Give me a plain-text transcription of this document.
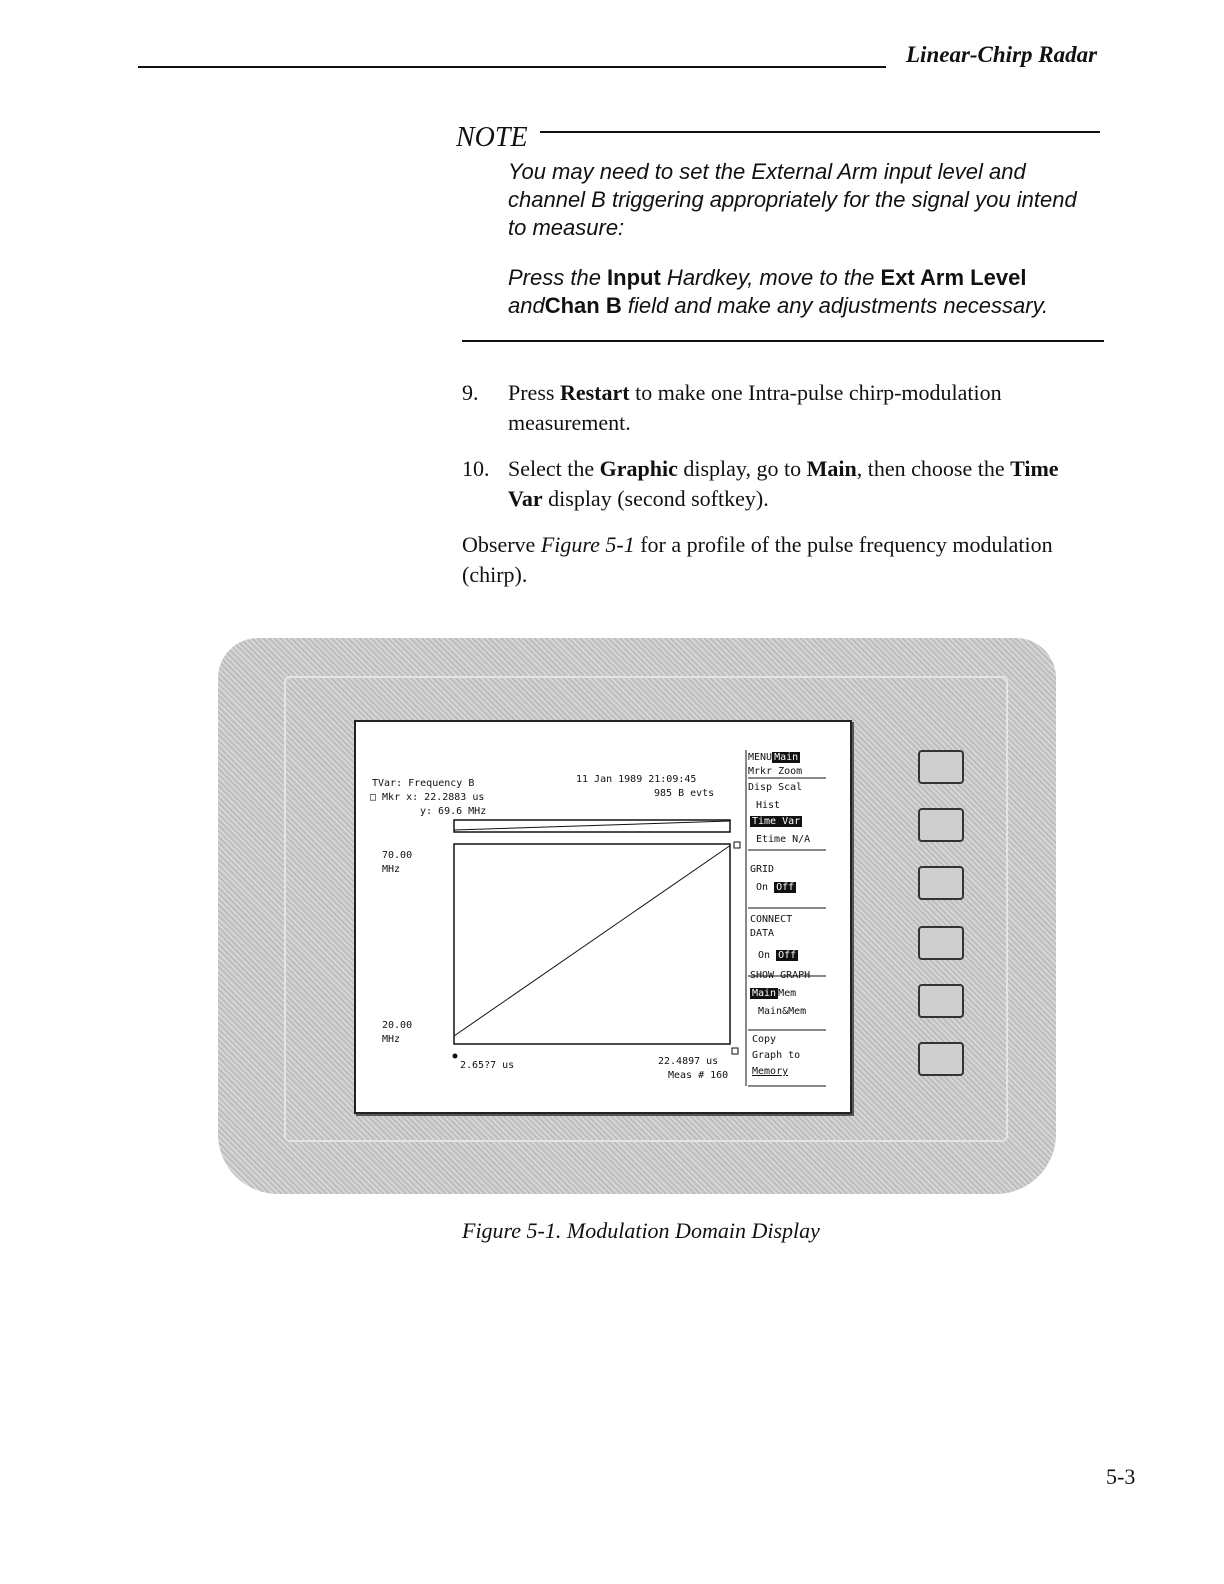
Linear-Chirp Radar
NOTE

You may need to set the External Arm input level and channel B triggering appropriately for the signal you intend to measure:

Press the Input Hardkey, move to the Ext Arm Level andChan B field and make any adjustments necessary.

9. Press Restart to make one Intra-pulse chirp-modulation measurement.
10. Select the Graphic display, go to Main, then choose the Time Var display (second softkey).
Observe Figure 5-1 for a profile of the pulse frequency modulation (chirp).
TVar: Frequency B
□ Mkr x: 22.2883 us
y: 69.6 MHz
11 Jan 1989 21:09:45
985 B evts
70.00
MHz
20.00
MHz
2.65?7 us	22.4897 us
Meas # 160
MENU Main
Mrkr Zoom
Disp Scal
Hist
Time Var
Etime N/A
GRID
On Off
CONNECT
DATA
On Off
SHOW GRAPH
Main Mem
Main&Mem
Copy
Graph to
Memory
Figure 5-1. Modulation Domain Display
5-3
